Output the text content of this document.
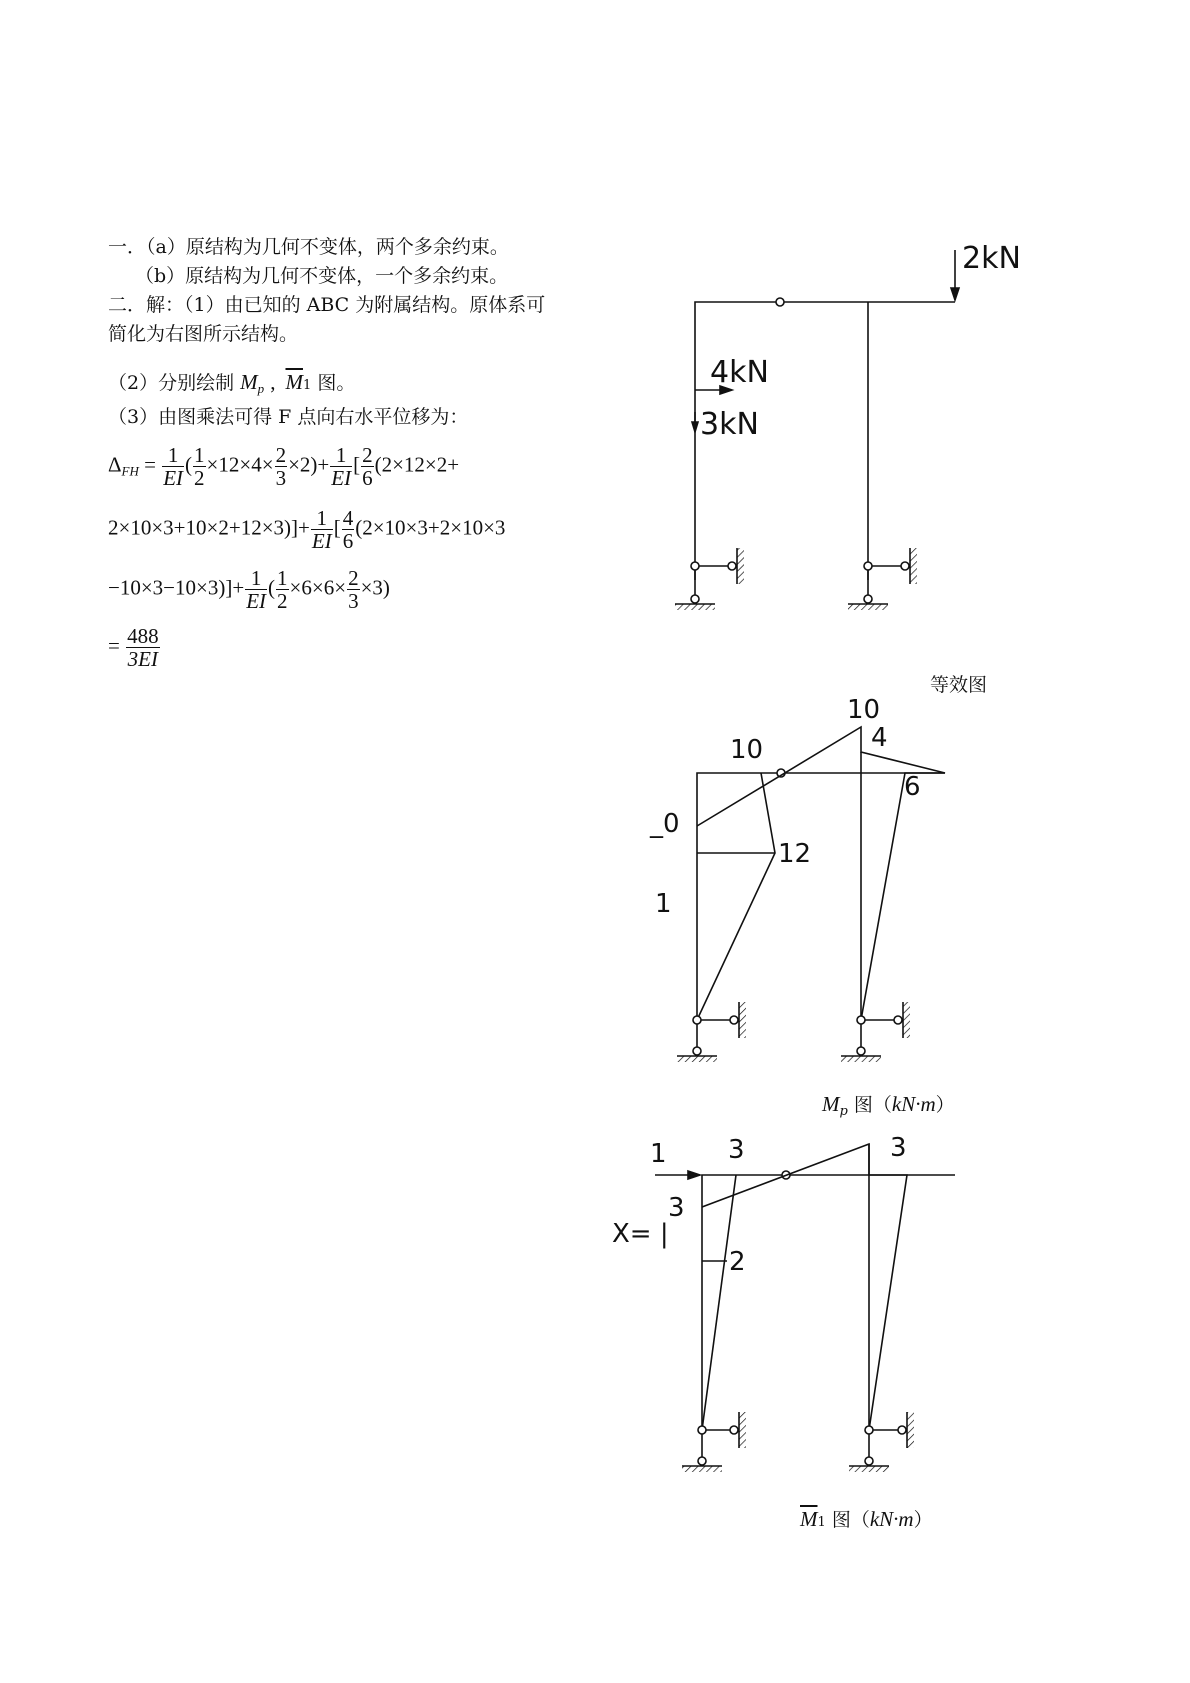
一．（a）原结构为几何不变体，两个多余约束。
（b）原结构为几何不变体，一个多余约束。
二．解：（1）由已知的 ABC 为附属结构。原体系可
简化为右图所示结构。
（2）分别绘制 $M_p$ , $\overline{M}1$ 图。
（3）由图乘法可得 F 点向右水平位移为：
$\Delta_{FH} = \frac{1}{EI}$ ( $\frac{1}{2} \times 12\times 4\times \frac{2}{3} \times 2)+ \frac{1}{EI}$ [ $\frac{2}{6} (2\times 12\times 2+$
$2\times 10\times 3+10\times 2+12\times 3)]+ \frac{1}{EI}$ [ $\frac{4}{6} (2\times 10\times 3+2\times 10\times 3$
$-10\times 3-10\times 3)]+ \frac{1}{EI}$ ( $\frac{1}{2} \times 6\times 6\times \frac{2}{3} \times 3$)
= $\frac{488}{3EI}$
2kN
4kN
3kN
10
10	4
6
_0
12
1
1 3	3
3
X= |
2
等效图
$M_p$ 图（kN·m）
$\overline{M}1$ 图（kN·m）
